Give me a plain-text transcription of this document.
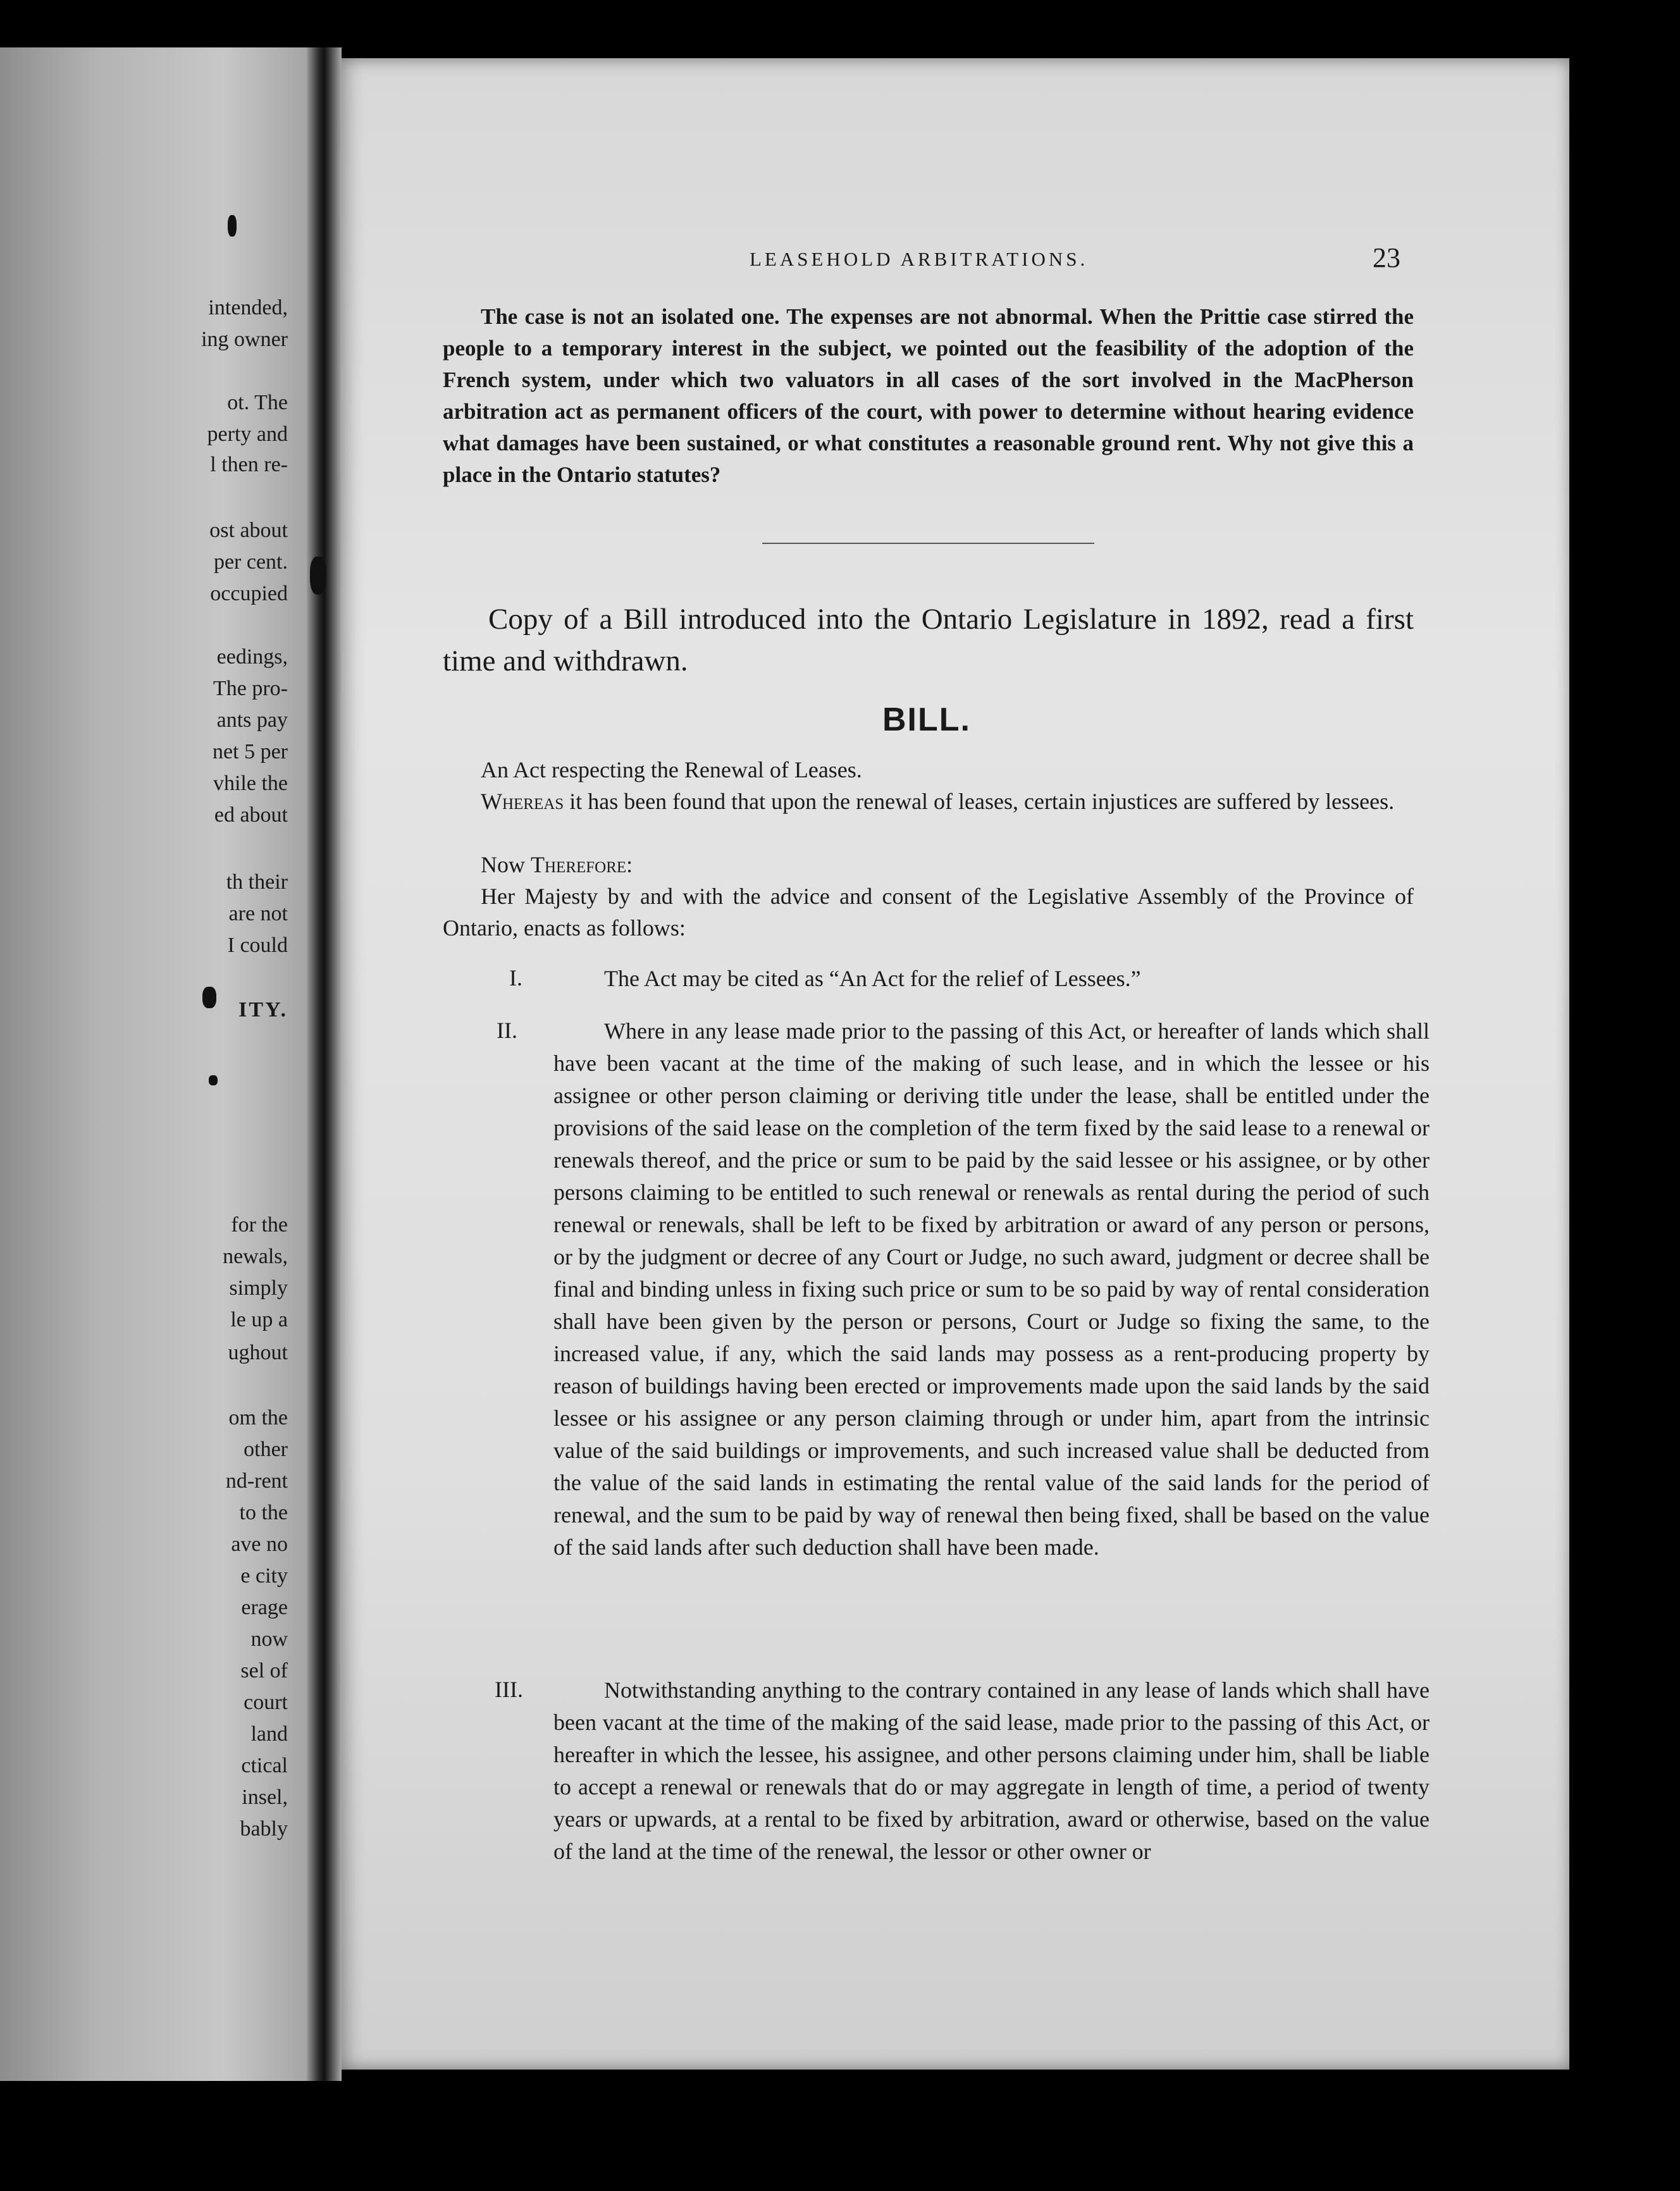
intended,
ing owner
ot. The
perty and
l then re-
ost about
per cent.
occupied
eedings,
The pro-
ants pay
net 5 per
vhile the
ed about
th their
are not
I could
ITY.
for the
newals,
simply
le up a
ughout
om the
other
nd-rent
to the
ave no
e city
erage
now
sel of
court
land
ctical
insel,
bably
LEASEHOLD ARBITRATIONS.	23

The case is not an isolated one. The expenses are not abnormal. When the Prittie case stirred the people to a temporary interest in the subject, we pointed out the feasibility of the adoption of the French system, under which two valuators in all cases of the sort involved in the MacPherson arbitration act as permanent officers of the court, with power to determine without hearing evidence what damages have been sustained, or what constitutes a reasonable ground rent. Why not give this a place in the Ontario statutes?

Copy of a Bill introduced into the Ontario Legislature in 1892, read a first time and withdrawn.

BILL.

An Act respecting the Renewal of Leases.

Whereas it has been found that upon the renewal of leases, certain injustices are suffered by lessees.

Now Therefore:

Her Majesty by and with the advice and consent of the Legislative Assembly of the Province of Ontario, enacts as follows:

I.	The Act may be cited as “An Act for the relief of Lessees.”

II.	Where in any lease made prior to the passing of this Act, or hereafter of lands which shall have been vacant at the time of the making of such lease, and in which the lessee or his assignee or other person claiming or deriving title under the lease, shall be entitled under the provisions of the said lease on the completion of the term fixed by the said lease to a renewal or renewals thereof, and the price or sum to be paid by the said lessee or his assignee, or by other persons claiming to be entitled to such renewal or renewals as rental during the period of such renewal or renewals, shall be left to be fixed by arbitration or award of any person or persons, or by the judgment or decree of any Court or Judge, no such award, judgment or decree shall be final and binding unless in fixing such price or sum to be so paid by way of rental consideration shall have been given by the person or persons, Court or Judge so fixing the same, to the increased value, if any, which the said lands may possess as a rent-producing property by reason of buildings having been erected or improvements made upon the said lands by the said lessee or his assignee or any person claiming through or under him, apart from the intrinsic value of the said buildings or improvements, and such increased value shall be deducted from the value of the said lands in estimating the rental value of the said lands for the period of renewal, and the sum to be paid by way of renewal then being fixed, shall be based on the value of the said lands after such deduction shall have been made.

III.	Notwithstanding anything to the contrary contained in any lease of lands which shall have been vacant at the time of the making of the said lease, made prior to the passing of this Act, or hereafter in which the lessee, his assignee, and other persons claiming under him, shall be liable to accept a renewal or renewals that do or may aggregate in length of time, a period of twenty years or upwards, at a rental to be fixed by arbitration, award or otherwise, based on the value of the land at the time of the renewal, the lessor or other owner or
